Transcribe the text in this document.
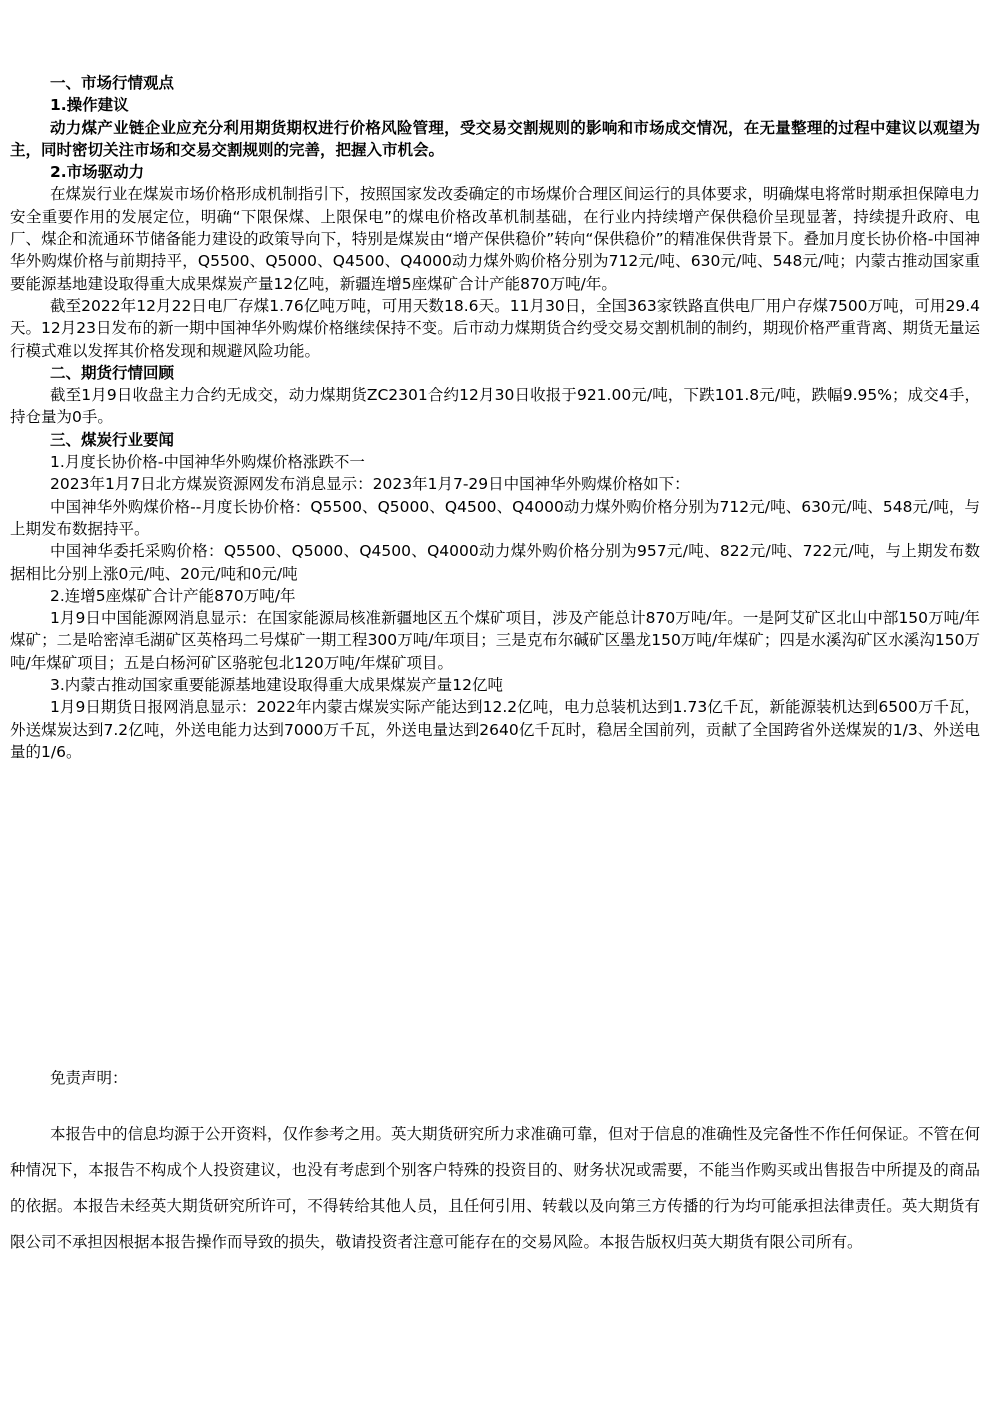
一、市场行情观点

1.操作建议

动力煤产业链企业应充分利用期货期权进行价格风险管理，受交易交割规则的影响和市场成交情况，在无量整理的过程中建议以观望为主，同时密切关注市场和交易交割规则的完善，把握入市机会。

2.市场驱动力

在煤炭行业在煤炭市场价格形成机制指引下，按照国家发改委确定的市场煤价合理区间运行的具体要求，明确煤电将常时期承担保障电力安全重要作用的发展定位，明确“下限保煤、上限保电”的煤电价格改革机制基础，在行业内持续增产保供稳价呈现显著，持续提升政府、电厂、煤企和流通环节储备能力建设的政策导向下，特别是煤炭由“增产保供稳价”转向“保供稳价”的精准保供背景下。叠加月度长协价格-中国神华外购煤价格与前期持平，Q5500、Q5000、Q4500、Q4000动力煤外购价格分别为712元/吨、630元/吨、548元/吨；内蒙古推动国家重要能源基地建设取得重大成果煤炭产量12亿吨，新疆连增5座煤矿合计产能870万吨/年。

截至2022年12月22日电厂存煤1.76亿吨万吨，可用天数18.6天。11月30日，全国363家铁路直供电厂用户存煤7500万吨，可用29.4天。12月23日发布的新一期中国神华外购煤价格继续保持不变。后市动力煤期货合约受交易交割机制的制约，期现价格严重背离、期货无量运行模式难以发挥其价格发现和规避风险功能。

二、期货行情回顾

截至1月9日收盘主力合约无成交，动力煤期货ZC2301合约12月30日收报于921.00元/吨，下跌101.8元/吨，跌幅9.95%；成交4手，持仓量为0手。

三、煤炭行业要闻

1.月度长协价格-中国神华外购煤价格涨跌不一

2023年1月7日北方煤炭资源网发布消息显示：2023年1月7-29日中国神华外购煤价格如下：

中国神华外购煤价格--月度长协价格：Q5500、Q5000、Q4500、Q4000动力煤外购价格分别为712元/吨、630元/吨、548元/吨，与上期发布数据持平。

中国神华委托采购价格：Q5500、Q5000、Q4500、Q4000动力煤外购价格分别为957元/吨、822元/吨、722元/吨，与上期发布数据相比分别上涨0元/吨、20元/吨和0元/吨

2.连增5座煤矿合计产能870万吨/年

1月9日中国能源网消息显示：在国家能源局核准新疆地区五个煤矿项目，涉及产能总计870万吨/年。一是阿艾矿区北山中部150万吨/年煤矿；二是哈密淖毛湖矿区英格玛二号煤矿一期工程300万吨/年项目；三是克布尔碱矿区墨龙150万吨/年煤矿；四是水溪沟矿区水溪沟150万吨/年煤矿项目；五是白杨河矿区骆驼包北120万吨/年煤矿项目。

3.内蒙古推动国家重要能源基地建设取得重大成果煤炭产量12亿吨

1月9日期货日报网消息显示：2022年内蒙古煤炭实际产能达到12.2亿吨，电力总装机达到1.73亿千瓦，新能源装机达到6500万千瓦，外送煤炭达到7.2亿吨，外送电能力达到7000万千瓦，外送电量达到2640亿千瓦时，稳居全国前列，贡献了全国跨省外送煤炭的1/3、外送电量的1/6。

免责声明：

本报告中的信息均源于公开资料，仅作参考之用。英大期货研究所力求准确可靠，但对于信息的准确性及完备性不作任何保证。不管在何种情况下，本报告不构成个人投资建议，也没有考虑到个别客户特殊的投资目的、财务状况或需要，不能当作购买或出售报告中所提及的商品的依据。本报告未经英大期货研究所许可，不得转给其他人员，且任何引用、转载以及向第三方传播的行为均可能承担法律责任。英大期货有限公司不承担因根据本报告操作而导致的损失，敬请投资者注意可能存在的交易风险。本报告版权归英大期货有限公司所有。
